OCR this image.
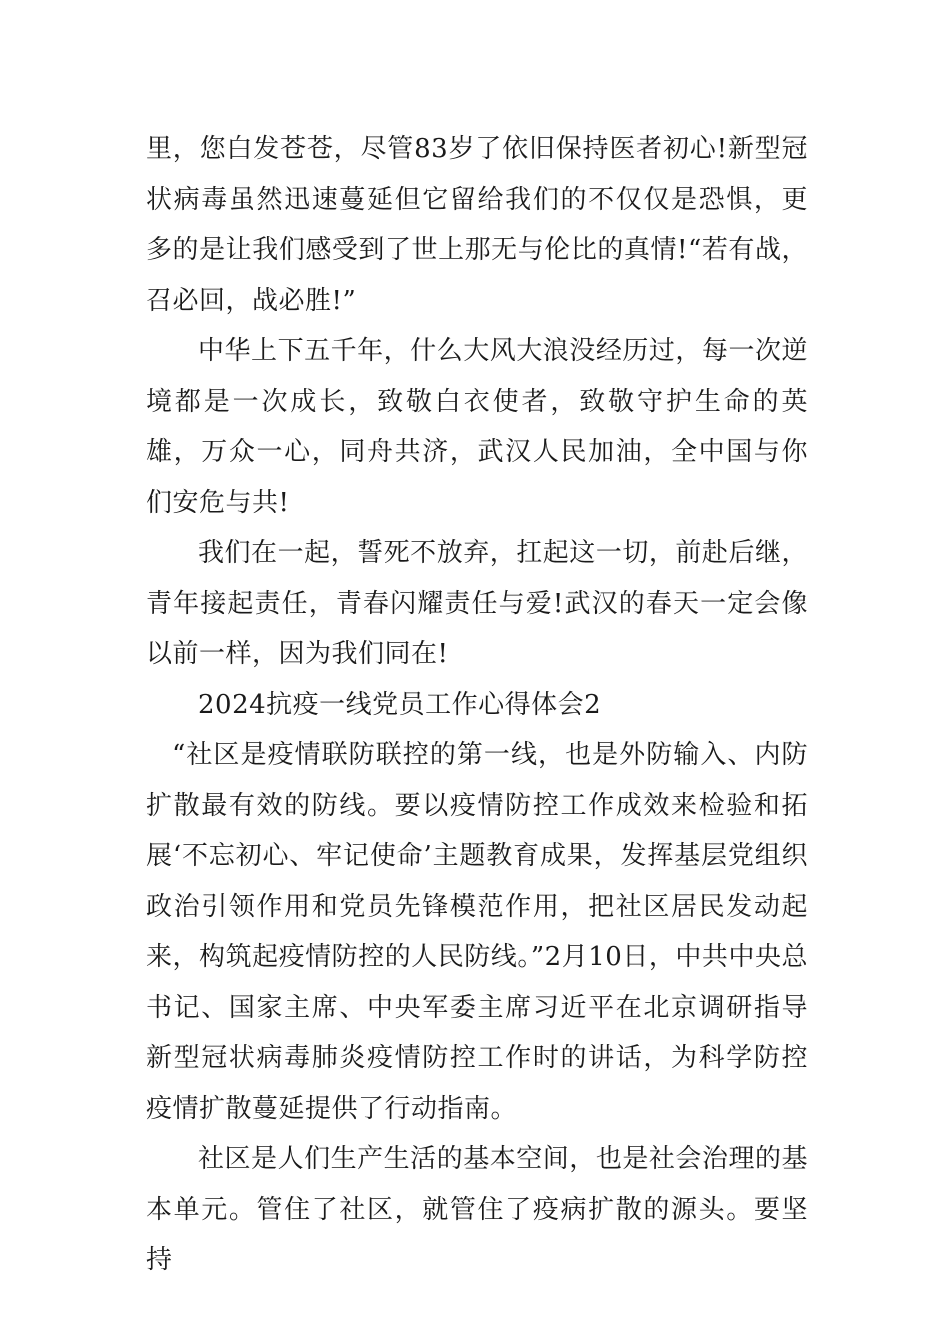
里，您白发苍苍，尽管83岁了依旧保持医者初心!新型冠状病毒虽然迅速蔓延但它留给我们的不仅仅是恐惧，更多的是让我们感受到了世上那无与伦比的真情!“若有战，召必回，战必胜!”

中华上下五千年，什么大风大浪没经历过，每一次逆境都是一次成长，致敬白衣使者，致敬守护生命的英雄，万众一心，同舟共济，武汉人民加油，全中国与你们安危与共!

我们在一起，誓死不放弃，扛起这一切，前赴后继，青年接起责任，青春闪耀责任与爱!武汉的春天一定会像以前一样，因为我们同在!

2024抗疫一线党员工作心得体会2

“社区是疫情联防联控的第一线，也是外防输入、内防扩散最有效的防线。要以疫情防控工作成效来检验和拓展‘不忘初心、牢记使命’主题教育成果，发挥基层党组织政治引领作用和党员先锋模范作用，把社区居民发动起来，构筑起疫情防控的人民防线。”2月10日，中共中央总书记、国家主席、中央军委主席习近平在北京调研指导新型冠状病毒肺炎疫情防控工作时的讲话，为科学防控疫情扩散蔓延提供了行动指南。

社区是人们生产生活的基本空间，也是社会治理的基本单元。管住了社区，就管住了疫病扩散的源头。要坚持
